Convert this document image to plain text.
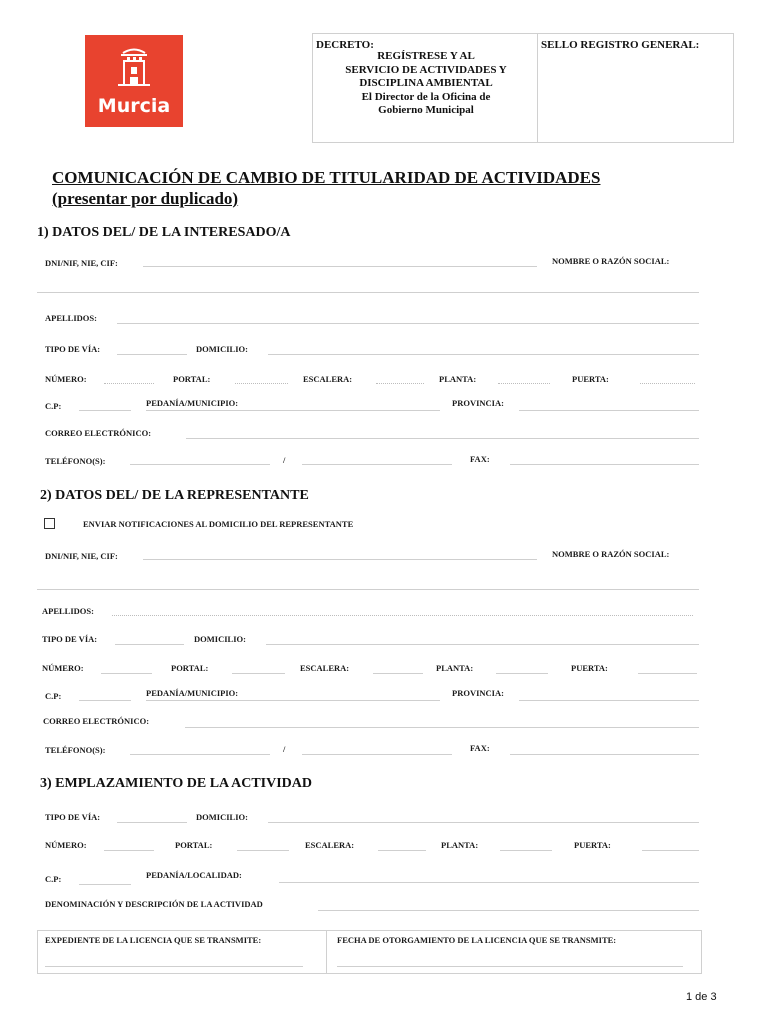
Murcia
DECRETO:	SELLO REGISTRO GENERAL:
REGÍSTRESE Y AL
SERVICIO DE ACTIVIDADES Y
DISCIPLINA AMBIENTAL
El Director de la Oficina de
Gobierno Municipal
COMUNICACIÓN DE CAMBIO DE TITULARIDAD DE ACTIVIDADES
(presentar por duplicado)
1) DATOS DEL/ DE LA INTERESADO/A
DNI/NIF, NIE, CIF:	NOMBRE O RAZÓN SOCIAL:
APELLIDOS:
TIPO DE VÍA:	DOMICILIO:
NÚMERO:	PORTAL:	ESCALERA:	PLANTA:	PUERTA:
C.P:	PEDANÍA/MUNICIPIO:	PROVINCIA:
CORREO ELECTRÓNICO:
TELÉFONO(S):	/	FAX:
2) DATOS DEL/ DE LA REPRESENTANTE
ENVIAR NOTIFICACIONES AL DOMICILIO DEL REPRESENTANTE
DNI/NIF, NIE, CIF:	NOMBRE O RAZÓN SOCIAL:
APELLIDOS:
TIPO DE VÍA:	DOMICILIO:
NÚMERO:	PORTAL:	ESCALERA:	PLANTA:	PUERTA:
C.P:	PEDANÍA/MUNICIPIO:	PROVINCIA:
CORREO ELECTRÓNICO:
TELÉFONO(S):	/	FAX:
3) EMPLAZAMIENTO DE LA ACTIVIDAD
TIPO DE VÍA:	DOMICILIO:
NÚMERO:	PORTAL:	ESCALERA:	PLANTA:	PUERTA:
C.P:	PEDANÍA/LOCALIDAD:
DENOMINACIÓN Y DESCRIPCIÓN DE LA ACTIVIDAD
EXPEDIENTE DE LA LICENCIA QUE SE TRANSMITE:	FECHA DE OTORGAMIENTO DE LA LICENCIA QUE SE TRANSMITE:
1 de 3
